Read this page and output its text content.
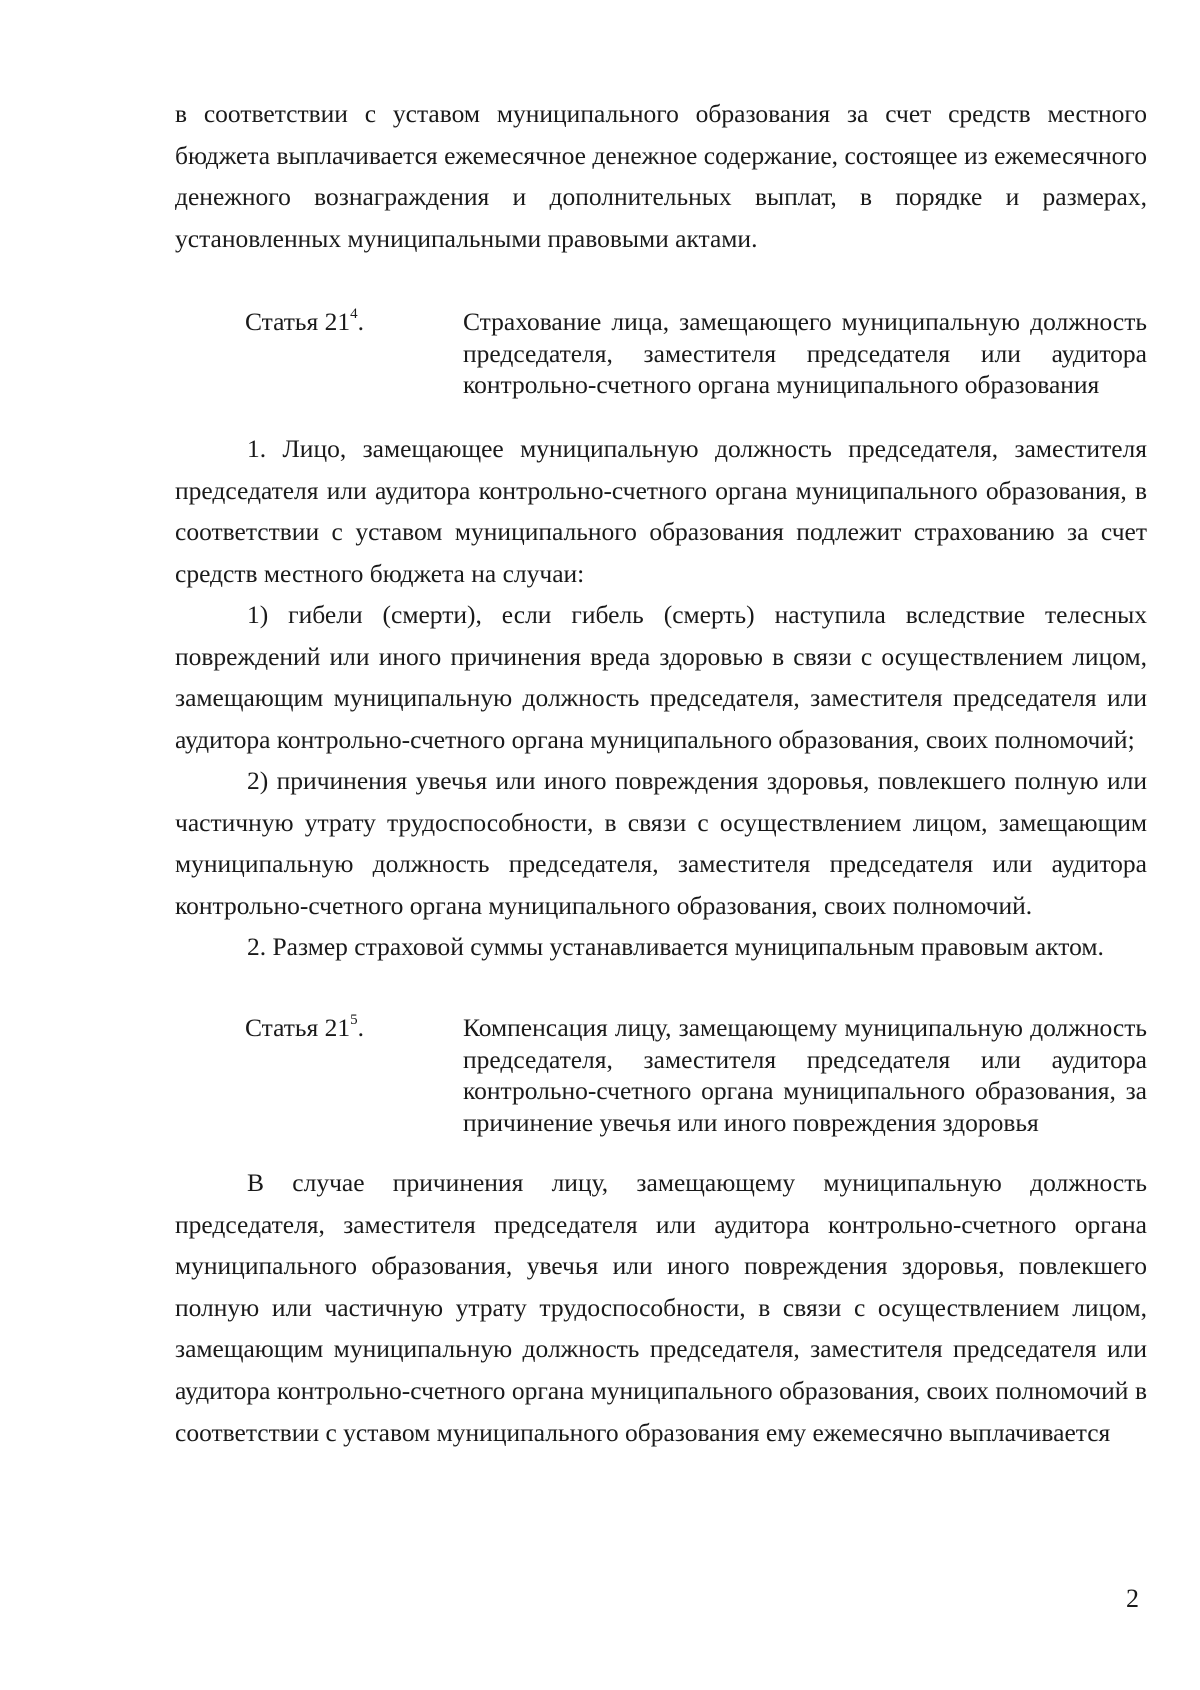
в соответствии с уставом муниципального образования за счет средств местного бюджета выплачивается ежемесячное денежное содержание, состоящее из ежемесячного денежного вознаграждения и дополнительных выплат, в порядке и размерах, установленных муниципальными правовыми актами.

Статья $21^4$.	Страхование лица, замещающего муниципальную должность председателя, заместителя председателя или аудитора контрольно-счетного органа муниципального образования

1. Лицо, замещающее муниципальную должность председателя, заместителя председателя или аудитора контрольно-счетного органа муниципального образования, в соответствии с уставом муниципального образования подлежит страхованию за счет средств местного бюджета на случаи:

1) гибели (смерти), если гибель (смерть) наступила вследствие телесных повреждений или иного причинения вреда здоровью в связи с осуществлением лицом, замещающим муниципальную должность председателя, заместителя председателя или аудитора контрольно-счетного органа муниципального образования, своих полномочий;

2) причинения увечья или иного повреждения здоровья, повлекшего полную или частичную утрату трудоспособности, в связи с осуществлением лицом, замещающим муниципальную должность председателя, заместителя председателя или аудитора контрольно-счетного органа муниципального образования, своих полномочий.

2. Размер страховой суммы устанавливается муниципальным правовым актом.

Статья $21^5$.	Компенсация лицу, замещающему муниципальную должность председателя, заместителя председателя или аудитора контрольно-счетного органа муниципального образования, за причинение увечья или иного повреждения здоровья

В случае причинения лицу, замещающему муниципальную должность председателя, заместителя председателя или аудитора контрольно-счетного органа муниципального образования, увечья или иного повреждения здоровья, повлекшего полную или частичную утрату трудоспособности, в связи с осуществлением лицом, замещающим муниципальную должность председателя, заместителя председателя или аудитора контрольно-счетного органа муниципального образования, своих полномочий в соответствии с уставом муниципального образования ему ежемесячно выплачивается

2
